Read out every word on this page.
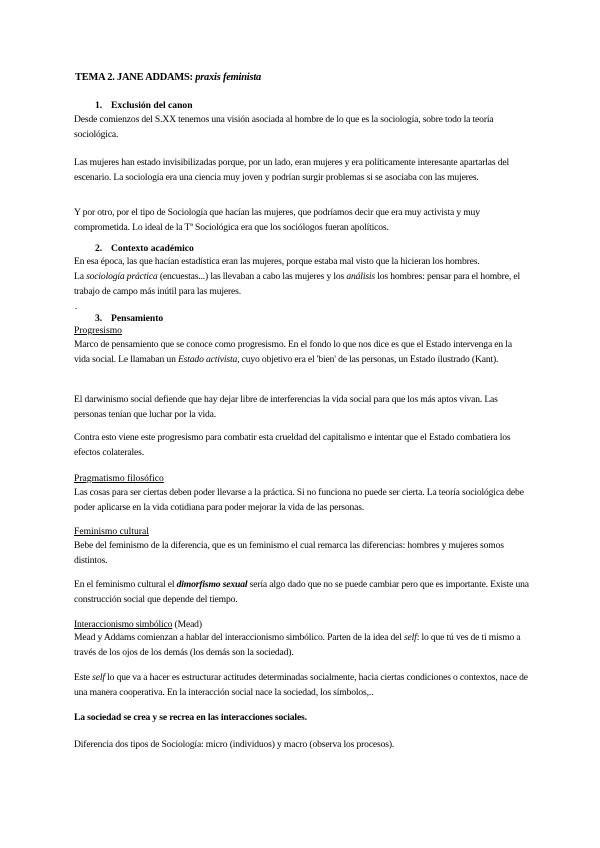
TEMA 2. JANE ADDAMS: praxis feminista
1. Exclusión del canon
Desde comienzos del S.XX tenemos una visión asociada al hombre de lo que es la sociología, sobre todo la teoría sociológica.
Las mujeres han estado invisibilizadas porque, por un lado, eran mujeres y era políticamente interesante apartarlas del escenario. La sociología era una ciencia muy joven y podrían surgir problemas si se asociaba con las mujeres.
Y por otro, por el tipo de Sociología que hacían las mujeres, que podríamos decir que era muy activista y muy comprometida. Lo ideal de la Tª Sociológica era que los sociólogos fueran apolíticos.
2. Contexto académico
En esa época, las que hacían estadística eran las mujeres, porque estaba mal visto que la hicieran los hombres.
La sociología práctica (encuestas...) las llevaban a cabo las mujeres y los análisis los hombres: pensar para el hombre, el trabajo de campo más inútil para las mujeres.
.
3. Pensamiento
Progresismo
Marco de pensamiento que se conoce como progresismo. En el fondo lo que nos dice es que el Estado intervenga en la vida social. Le llamaban un Estado activista, cuyo objetivo era el 'bien' de las personas, un Estado ilustrado (Kant).
El darwinismo social defiende que hay dejar libre de interferencias la vida social para que los más aptos vivan. Las personas tenían que luchar por la vida.
Contra esto viene este progresismo para combatir esta crueldad del capitalismo e intentar que el Estado combatiera los efectos colaterales.
Pragmatismo filosófico
Las cosas para ser ciertas deben poder llevarse a la práctica. Si no funciona no puede ser cierta. La teoría sociológica debe poder aplicarse en la vida cotidiana para poder mejorar la vida de las personas.
Feminismo cultural
Bebe del feminismo de la diferencia, que es un feminismo el cual remarca las diferencias: hombres y mujeres somos distintos.
En el feminismo cultural el dimorfismo sexual sería algo dado que no se puede cambiar pero que es importante. Existe una construcción social que depende del tiempo.
Interaccionismo simbólico (Mead)
Mead y Addams comienzan a hablar del interaccionismo simbólico. Parten de la idea del self: lo que tú ves de ti mismo a través de los ojos de los demás (los demás son la sociedad).
Este self lo que va a hacer es estructurar actitudes determinadas socialmente, hacia ciertas condiciones o contextos, nace de una manera cooperativa. En la interacción social nace la sociedad, los símbolos,..
La sociedad se crea y se recrea en las interacciones sociales.
Diferencia dos tipos de Sociología: micro (individuos) y macro (observa los procesos).
